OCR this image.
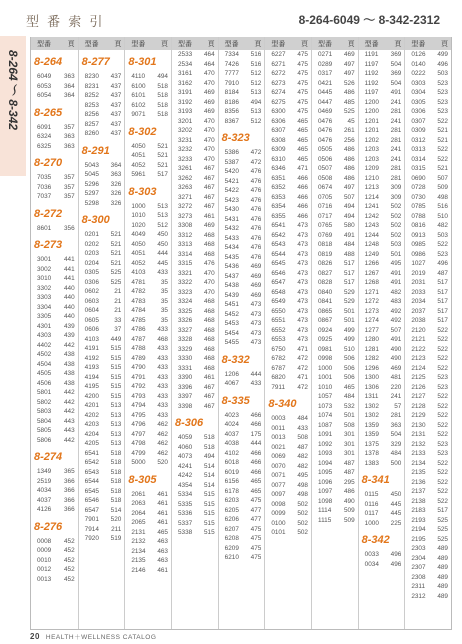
型 番 索 引	8-264-6049 ～ 8-342-2312
8-264 ～ 8-342
型番 頁
8-264
6049 363
6053 364
6054 364
8-265
6091 357
6324 363
6325 363
8-270
7035 357
7036 357
7037 357
8-272
8601 356
8-273
3001 441
3002 441
3010 441
3302 440
3303 440
3304 440
3305 440
4301 439
4303 439
4402 442
4502 438
4504 438
4505 438
4506 438
5801 442
5802 442
5803 442
5804 443
5805 443
5806 442
8-274
1349 365
2519 366
4034 366
4037 366
4126 366
8-276
0008 452
0009 452
0010 452
0012 452
0013 452
型番 頁
8-277
8230 437
8231 437
8252 437
8253 437
8256 437
8257 437
8260 437
8-291
5043 364
5045 363
5296 326
5297 326
5298 326
8-300
0201 521
0202 521
0203 521
0204 521
0305 525
0306 525
0602 21
0603 21
0604 21
0605 33
0606 37
4103 449
4191 515
4192 515
4193 515
4194 515
4195 515
4200 515
4201 513
4202 513
4203 513
4204 513
4205 513
6541 518
6542 518
6543 518
6544 518
6545 518
6546 518
6547 514
7901 520
7914 211
7920 519
型番 頁
8-301
4110 494
6100 518
6101 518
6102 518
9071 518
8-302
4050 521
4051 521
4052 521
5961 517
8-303
1000 513
1010 513
1020 512
4049 450
4050 450
4051 444
4052 445
4103 433
4781 35
4782 35
4783 35
4784 35
4785 35
4786 433
4787 468
4788 433
4789 433
4790 433
4791 433
4792 433
4793 433
4794 433
4795 433
4796 462
4797 462
4798 462
4799 462
5000 520
8-305
2061 461
2063 461
2064 461
2065 461
2131 465
2132 463
2134 463
2135 463
2146 461
型番 頁
2533 464
2534 464
3161 470
3162 470
3191 469
3192 469
3193 469
3201 470
3202 470
3231 470
3232 470
3233 470
3261 467
3262 467
3263 467
3271 467
3272 467
3273 461
3308 469
3312 468
3313 468
3314 468
3315 476
3321 470
3322 470
3323 470
3324 468
3325 468
3326 468
3327 468
3328 468
3329 468
3330 468
3331 468
3390 461
3396 467
3397 467
3398 467
8-306
4059 518
4060 518
4073 494
4241 514
4242 514
4354 514
5334 515
5335 515
5336 515
5337 515
5338 515
型番 頁
7334 516
7426 516
7777 512
7910 512
8184 513
8186 494
8356 513
8367 512
8-323
5386 472
5387 472
5420 476
5421 476
5422 476
5423 476
5430 476
5431 476
5432 476
5433 476
5434 476
5435 476
5436 469
5437 469
5438 469
5439 469
5451 473
5452 473
5453 473
5454 473
5455 473
8-332
1206 444
4067 433
8-335
4023 466
4024 466
4037 175
4038 444
4102 466
6018 466
6019 466
6156 465
6178 465
6203 475
6205 477
6206 477
6207 475
6208 475
6209 475
6210 475
型番 頁
6227 475
6271 475
6272 475
6273 475
6274 475
6275 475
6300 475
6306 465
6307 465
6308 465
6309 465
6310 465
6346 471
6351 466
6352 466
6353 466
6354 466
6355 466
6541 473
6542 473
6543 473
6544 473
6545 473
6546 473
6547 473
6548 473
6549 473
6550 473
6551 473
6552 473
6553 473
6750 471
6782 472
6787 472
6820 471
7911 472
8-340
0003 484
0011 433
0013 508
0021 487
0069 482
0070 482
0071 495
0077 498
0097 498
0098 502
0099 502
0100 502
0101 502
型番 頁
0271 469
0289 497
0317 497
0421 526
0445 486
0447 485
0469 525
0476 45
0476 261
0476 256
0505 486
0506 486
0507 486
0508 486
0674 497
0705 507
0716 494
0717 494
0765 580
0769 491
0818 484
0819 488
0826 517
0827 517
0828 517
0840 529
0841 529
0865 501
0867 501
0924 499
0925 499
0981 510
0998 506
1000 506
1001 506
1010 465
1057 484
1073 532
1074 501
1087 508
1091 301
1092 301
1093 301
1094 487
1095 487
1096 295
1097 486
1098 490
1114 509
1115 509
型番 頁
1191 369
1197 504
1192 369
1192 504
1197 491
1200 241
1200 281
1201 241
1201 281
1202 281
1203 241
1203 241
1209 281
1210 281
1213 309
1214 309
1241 502
1242 502
1243 502
1244 502
1248 503
1249 501
1266 495
1267 491
1268 491
1271 482
1272 483
1273 492
1274 492
1277 507
1280 491
1281 490
1282 490
1296 469
1300 481
1306 220
1311 241
1302 57
1302 281
1359 363
1359 504
1375 329
1378 484
1383 500
8-341
0115 450
0116 445
0117 445
1000 225
8-342
0033 496
0034 496
型番 頁
0126 499
0140 496
0222 503
0303 523
0304 523
0305 523
0306 523
0307 522
0309 521
0312 521
0313 522
0314 522
0315 521
0690 507
0728 509
0730 498
0785 516
0788 510
0816 482
0913 503
0985 522
0986 523
1027 496
2019 487
2031 517
2033 517
2034 517
2037 517
2038 517
2120 522
2121 522
2122 522
2123 522
2124 522
2125 523
2126 523
2127 522
2128 522
2129 522
2130 522
2131 522
2132 523
2133 523
2134 522
2135 522
2136 522
2137 522
2138 522
2183 517
2193 525
2194 525
2195 525
2303 489
2304 489
2307 489
2308 489
2311 489
2312 489
20 HEALTH＋WELLNESS CATALOG
